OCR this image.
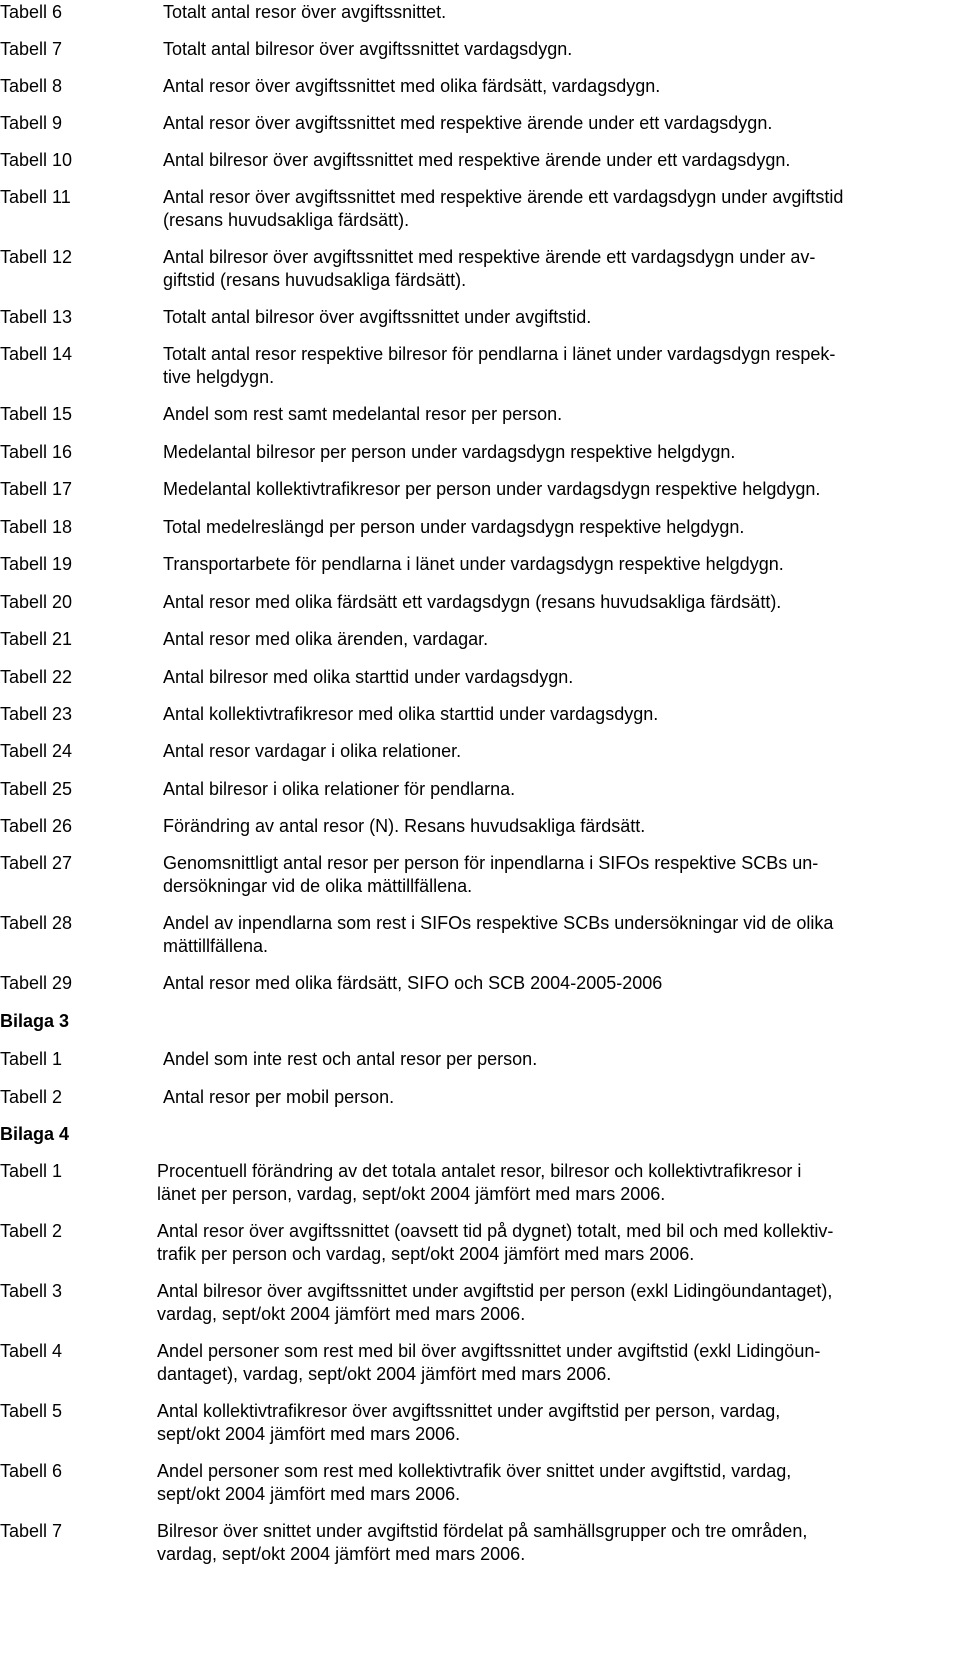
Tabell 6	Totalt antal resor över avgiftssnittet.
Tabell 7	Totalt antal bilresor över avgiftssnittet vardagsdygn.
Tabell 8	Antal resor över avgiftssnittet med olika färdsätt, vardagsdygn.
Tabell 9	Antal resor över avgiftssnittet med respektive ärende under ett vardagsdygn.
Tabell 10	Antal bilresor över avgiftssnittet med respektive ärende under ett vardagsdygn.
Tabell 11	Antal resor över avgiftssnittet med respektive ärende ett vardagsdygn under avgiftstid
(resans huvudsakliga färdsätt).
Tabell 12	Antal bilresor över avgiftssnittet med respektive ärende ett vardagsdygn under av-
giftstid (resans huvudsakliga färdsätt).
Tabell 13	Totalt antal bilresor över avgiftssnittet under avgiftstid.
Tabell 14	Totalt antal resor respektive bilresor för pendlarna i länet under vardagsdygn respek-
tive helgdygn.
Tabell 15	Andel som rest samt medelantal resor per person.
Tabell 16	Medelantal bilresor per person under vardagsdygn respektive helgdygn.
Tabell 17	Medelantal kollektivtrafikresor per person under vardagsdygn respektive helgdygn.
Tabell 18	Total medelreslängd per person under vardagsdygn respektive helgdygn.
Tabell 19	Transportarbete för pendlarna i länet under vardagsdygn respektive helgdygn.
Tabell 20	Antal resor med olika färdsätt ett vardagsdygn (resans huvudsakliga färdsätt).
Tabell 21	Antal resor med olika ärenden, vardagar.
Tabell 22	Antal bilresor med olika starttid under vardagsdygn.
Tabell 23	Antal kollektivtrafikresor med olika starttid under vardagsdygn.
Tabell 24	Antal resor vardagar i olika relationer.
Tabell 25	Antal bilresor i olika relationer för pendlarna.
Tabell 26	Förändring av antal resor (N). Resans huvudsakliga färdsätt.
Tabell 27	Genomsnittligt antal resor per person för inpendlarna i SIFOs respektive SCBs un-
dersökningar vid de olika mättillfällena.
Tabell 28	Andel av inpendlarna som rest i SIFOs respektive SCBs undersökningar vid de olika
mättillfällena.
Tabell 29	Antal resor med olika färdsätt, SIFO och SCB 2004-2005-2006
Bilaga 3
Tabell 1	Andel som inte rest och antal resor per person.
Tabell 2	Antal resor per mobil person.
Bilaga 4
Tabell 1	Procentuell förändring av det totala antalet resor, bilresor och kollektivtrafikresor i
länet per person, vardag, sept/okt 2004 jämfört med mars 2006.
Tabell 2	Antal resor över avgiftssnittet (oavsett tid på dygnet) totalt, med bil och med kollektiv-
trafik per person och vardag, sept/okt 2004 jämfört med mars 2006.
Tabell 3	Antal bilresor över avgiftssnittet under avgiftstid per person (exkl Lidingöundantaget),
vardag, sept/okt 2004 jämfört med mars 2006.
Tabell 4	Andel personer som rest med bil över avgiftssnittet under avgiftstid (exkl Lidingöun-
dantaget), vardag, sept/okt 2004 jämfört med mars 2006.
Tabell 5	Antal kollektivtrafikresor över avgiftssnittet under avgiftstid per person, vardag,
sept/okt 2004 jämfört med mars 2006.
Tabell 6	Andel personer som rest med kollektivtrafik över snittet under avgiftstid, vardag,
sept/okt 2004 jämfört med mars 2006.
Tabell 7	Bilresor över snittet under avgiftstid fördelat på samhällsgrupper och tre områden,
vardag, sept/okt 2004 jämfört med mars 2006.
